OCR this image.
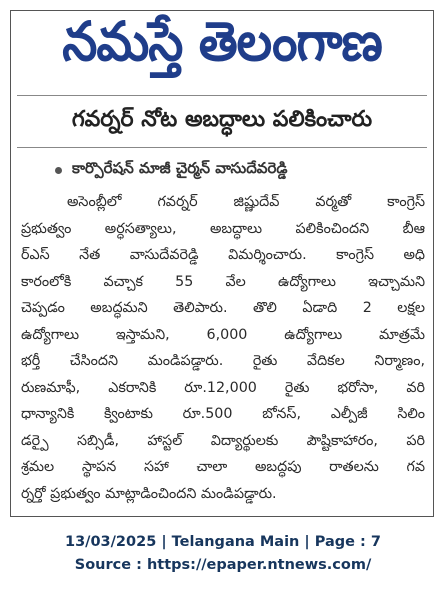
నమస్తే తెలంగాణ
గవర్నర్ నోట అబద్ధాలు పలికించారు
కార్పొరేషన్ మాజీ చైర్మన్ వాసుదేవరెడ్డి
అసెంబ్లీలో గవర్నర్ జిష్ణుదేవ్ వర్మతో కాంగ్రెస్
ప్రభుత్వం అర్ధసత్యాలు, అబద్ధాలు పలికించిందని బీఆ
ర్ఎస్ నేత వాసుదేవరెడ్డి విమర్శించారు. కాంగ్రెస్ అధి
కారంలోకి వచ్చాక 55 వేల ఉద్యోగాలు ఇచ్చామని
చెప్పడం అబద్ధమని తెలిపారు. తొలి ఏడాది 2 లక్షల
ఉద్యోగాలు ఇస్తామని, 6,000 ఉద్యోగాలు మాత్రమే
భర్తీ చేసిందని మండిపడ్డారు. రైతు వేదికల నిర్మాణం,
రుణమాఫీ, ఎకరానికి రూ.12,000 రైతు భరోసా, వరి
ధాన్యానికి క్వింటాకు రూ.500 బోనస్, ఎల్పీజీ సిలిం
డర్పై సబ్సిడీ, హాస్టల్ విద్యార్థులకు పౌష్టికాహారం, పరి
శ్రమల స్థాపన సహా చాలా అబద్ధపు రాతలను గవ
ర్నర్తో ప్రభుత్వం మాట్లాడించిందని మండిపడ్డారు.
13/03/2025 | Telangana Main | Page : 7
Source : https://epaper.ntnews.com/
